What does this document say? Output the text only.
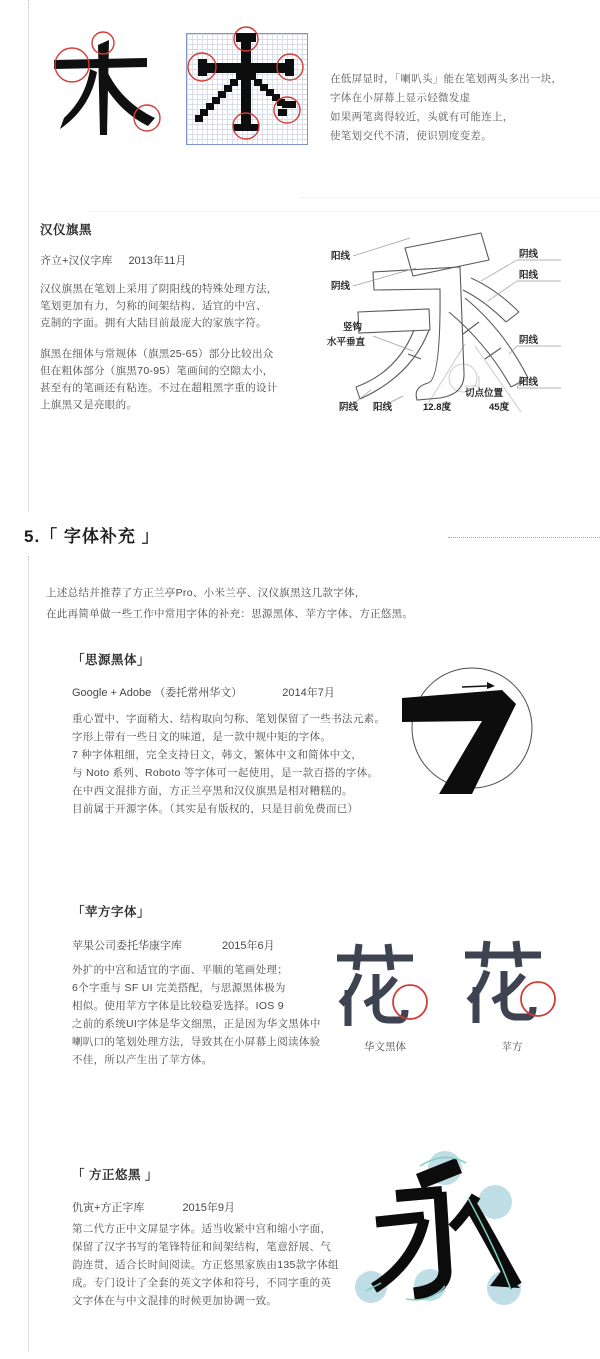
在低屏显时，「喇叭头」能在笔划两头多出一块，
字体在小屏幕上显示轻微发虚
如果两笔离得较近，头就有可能连上，
使笔划交代不清，使识别度变差。
汉仪旗黑
齐立+汉仪字库 2013年11月
汉仪旗黑在笔划上采用了阴阳线的特殊处理方法，
笔划更加有力，匀称的间架结构、适宜的中宫、
克制的字面。拥有大陆目前最庞大的家族字符。
旗黑在细体与常规体（旗黑25-65）部分比较出众
但在粗体部分（旗黑70-95）笔画间的空隙太小，
甚至有的笔画还有粘连。不过在超粗黑字重的设计
上旗黑又是亮眼的。
阳线
阴线
阴线
阳线
竖钩
水平垂直	阴线
阳线
阴线 阳线	12.8度
切点位置
45度
5.「 字体补充 」
上述总结并推荐了方正兰亭Pro、小米兰亭、汉仪旗黑这几款字体，
在此再简单做一些工作中常用字体的补充：思源黑体、苹方字体、方正悠黑。
「思源黑体」
Google + Adobe （委托常州华文）	2014年7月
重心置中、字面稍大、结构取向匀称、笔划保留了一些书法元素。
字形上带有一些日文的味道，是一款中规中矩的字体。
7 种字体粗细，完全支持日文，韩文，繁体中文和简体中文，
与 Noto 系列、Roboto 等字体可一起使用，是一款百搭的字体。
在中西文混排方面，方正兰亭黑和汉仪旗黑是相对糟糕的。
目前属于开源字体。（其实是有版权的，只是目前免费而已）
「苹方字体」
苹果公司委托华康字库	2015年6月
外扩的中宫和适宜的字面、平顺的笔画处理；
6个字重与 SF UI 完美搭配，与思源黑体极为
相似。使用苹方字体是比较稳妥选择。IOS 9
之前的系统UI字体是华文细黑，正是因为华文黑体中
喇叭口的笔划处理方法，导致其在小屏幕上阅读体验
不佳，所以产生出了苹方体。
华文黑体	苹方
「 方正悠黑 」
仇寅+方正字库	2015年9月
第二代方正中文屏显字体。适当收紧中宫和缩小字面，
保留了汉字书写的笔锋特征和间架结构，笔意舒展、气
韵连贯，适合长时间阅读。方正悠黑家族由135款字体组
成。专门设计了全套的英文字体和符号，不同字重的英
文字体在与中文混排的时候更加协调一致。
